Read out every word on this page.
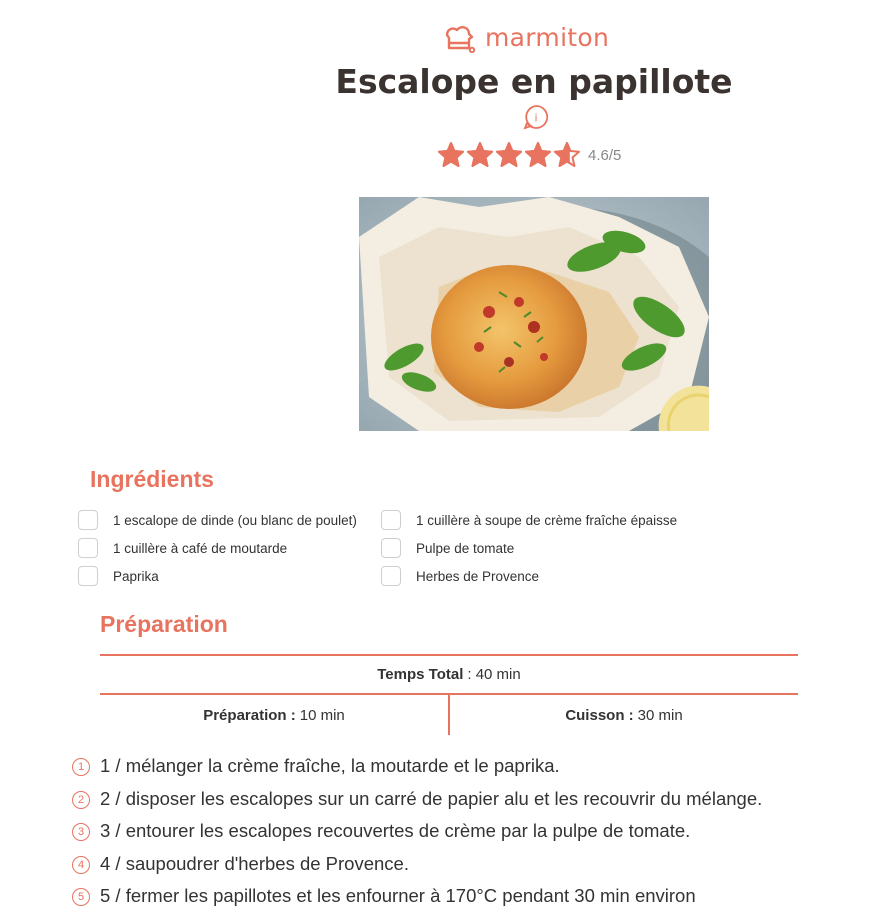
marmiton
Escalope en papillote
i
4.6/5
Ingrédients
1 escalope de dinde (ou blanc de poulet)
1 cuillère à café de moutarde
Paprika
1 cuillère à soupe de crème fraîche épaisse
Pulpe de tomate
Herbes de Provence
Préparation
Temps Total : 40 min
Préparation : 10 min	Cuisson : 30 min
1 1 / mélanger la crème fraîche, la moutarde et le paprika.
2 2 / disposer les escalopes sur un carré de papier alu et les recouvrir du mélange.
3 3 / entourer les escalopes recouvertes de crème par la pulpe de tomate.
4 4 / saupoudrer d'herbes de Provence.
5 5 / fermer les papillotes et les enfourner à 170°C pendant 30 min environ
